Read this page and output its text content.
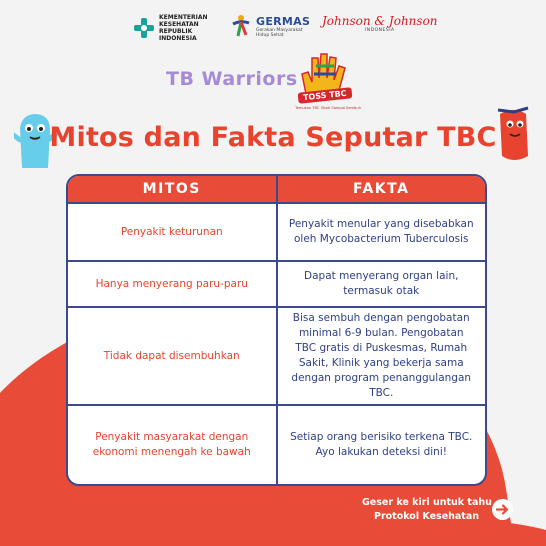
KEMENTERIAN
KESEHATAN
REPUBLIK
INDONESIA
GERMAS
Gerakan Masyarakat
Hidup Sehat
Johnson & Johnson
INDONESIA
TB Warriors
TOSS TBC
Temukan TBC Obati Sampai Sembuh
Mitos dan Fakta Seputar TBC
MITOS	FAKTA
Penyakit keturunan
Penyakit menular yang disebabkan oleh Mycobacterium Tuberculosis
Hanya menyerang paru-paru
Dapat menyerang organ lain, termasuk otak
Tidak dapat disembuhkan
Bisa sembuh dengan pengobatan minimal 6-9 bulan. Pengobatan TBC gratis di Puskesmas, Rumah Sakit, Klinik yang bekerja sama dengan program penanggulangan TBC.
Penyakit masyarakat dengan ekonomi menengah ke bawah
Setiap orang berisiko terkena TBC. Ayo lakukan deteksi dini!
Geser ke kiri untuk tahu
Protokol Kesehatan
